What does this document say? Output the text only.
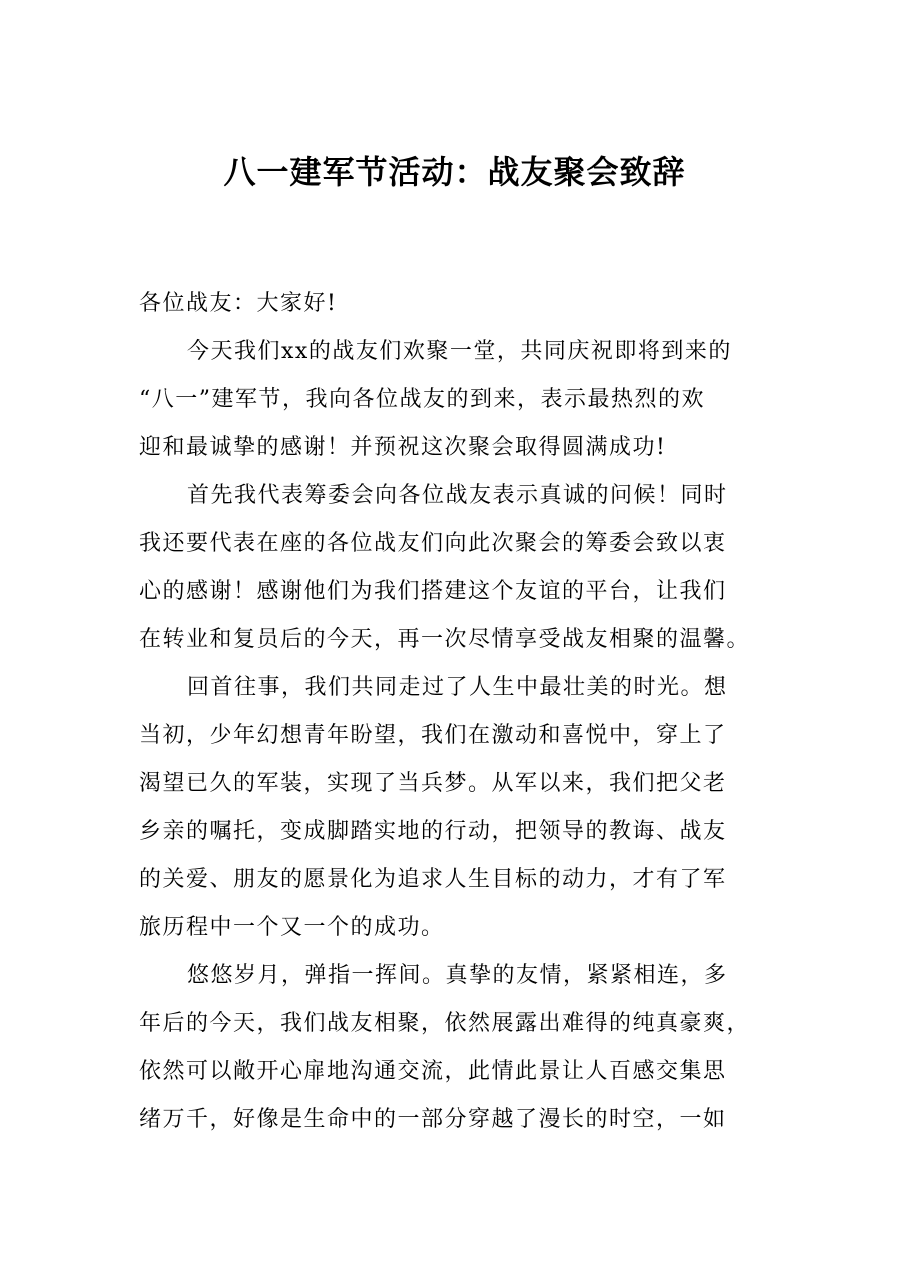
八一建军节活动：战友聚会致辞
各位战友：大家好!
今天我们xx的战友们欢聚一堂，共同庆祝即将到来的
“八一”建军节，我向各位战友的到来，表示最热烈的欢
迎和最诚挚的感谢！并预祝这次聚会取得圆满成功!
首先我代表筹委会向各位战友表示真诚的问候！同时
我还要代表在座的各位战友们向此次聚会的筹委会致以衷
心的感谢！感谢他们为我们搭建这个友谊的平台，让我们
在转业和复员后的今天，再一次尽情享受战友相聚的温馨。
回首往事，我们共同走过了人生中最壮美的时光。想
当初，少年幻想青年盼望，我们在激动和喜悦中，穿上了
渴望已久的军装，实现了当兵梦。从军以来，我们把父老
乡亲的嘱托，变成脚踏实地的行动，把领导的教诲、战友
的关爱、朋友的愿景化为追求人生目标的动力，才有了军
旅历程中一个又一个的成功。
悠悠岁月，弹指一挥间。真挚的友情，紧紧相连，多
年后的今天，我们战友相聚，依然展露出难得的纯真豪爽，
依然可以敞开心扉地沟通交流，此情此景让人百感交集思
绪万千，好像是生命中的一部分穿越了漫长的时空，一如
